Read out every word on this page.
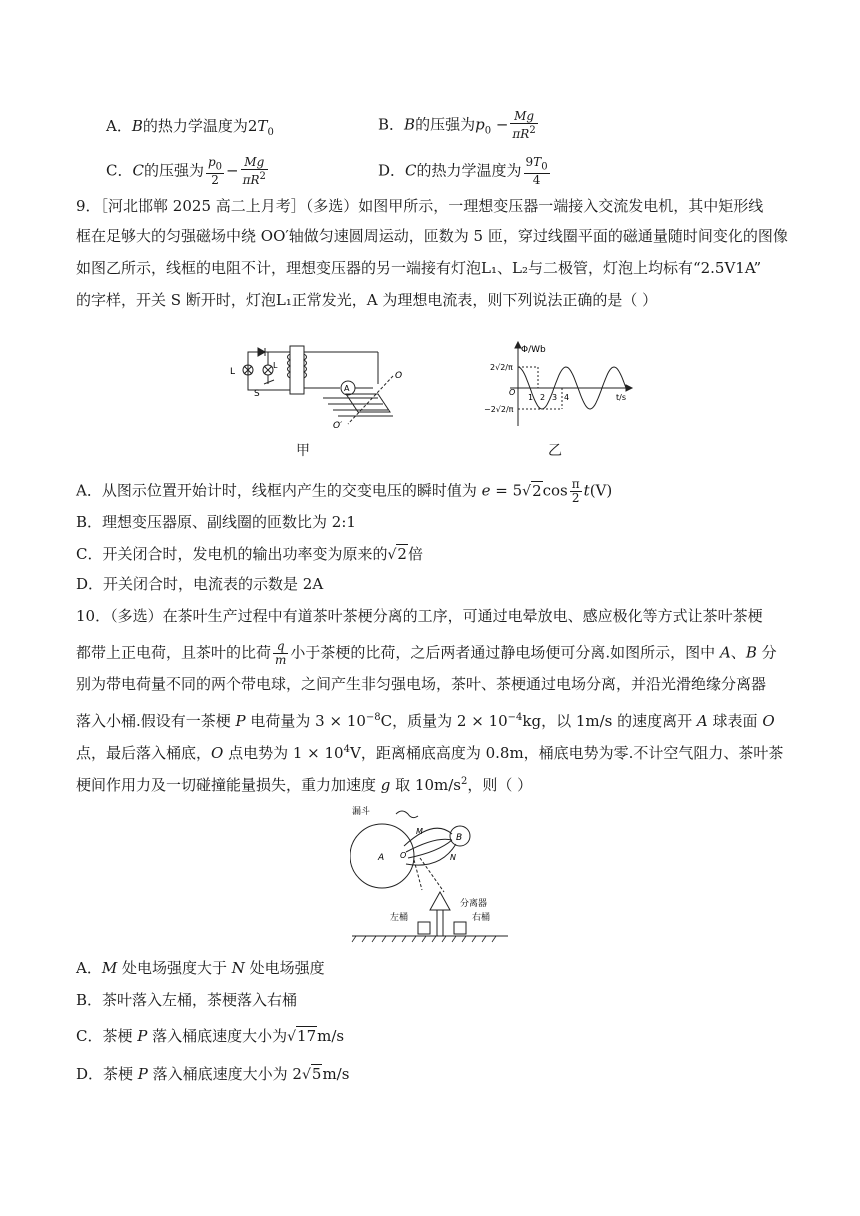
A．B的热力学温度为$2T_0$	B．B的压强为$p_0 - \frac{Mg}{\pi R^2}$
C．C的压强为 $\frac{p_0}{2} - \frac{Mg}{\pi R^2}$	D．C的热力学温度为 $\frac{9T_0}{4}$
9．［河北邯郸 2025 高二上月考］（多选）如图甲所示，一理想变压器一端接入交流发电机，其中矩形线
框在足够大的匀强磁场中绕 OO′轴做匀速圆周运动，匝数为 5 匝，穿过线圈平面的磁通量随时间变化的图像
如图乙所示，线框的电阻不计，理想变压器的另一端接有灯泡L₁、L₂与二极管，灯泡上均标有“2.5V1A”
的字样，开关 S 断开时，灯泡L₁正常发光，A 为理想电流表，则下列说法正确的是（ ）
L
L
S
A
O
O′
甲
Φ/Wb
t/s
2√2/π
−2√2/π
O
1 2 3 4
乙
A．从图示位置开始计时，线框内产生的交变电压的瞬时值为 $e = 5√2\cos \frac{\pi}{2} t(V)$
B．理想变压器原、副线圈的匝数比为 2:1
C．开关闭合时，发电机的输出功率变为原来的√2倍
D．开关闭合时，电流表的示数是 2A
10．（多选）在茶叶生产过程中有道茶叶茶梗分离的工序，可通过电晕放电、感应极化等方式让茶叶茶梗
都带上正电荷，且茶叶的比荷 $\frac{q}{m}$ 小于茶梗的比荷，之后两者通过静电场便可分离.如图所示，图中 A、B 分
别为带电荷量不同的两个带电球，之间产生非匀强电场，茶叶、茶梗通过电场分离，并沿光滑绝缘分离器
落入小桶.假设有一茶梗 P 电荷量为 $3 \times 10^{-8}C$，质量为 $2 \times 10^{-4}kg$，以 1m/s 的速度离开 A 球表面 O
点，最后落入桶底，O 点电势为 $1 \times 10^4V$，距离桶底高度为 0.8m，桶底电势为零.不计空气阻力、茶叶茶
梗间作用力及一切碰撞能量损失，重力加速度 g 取 $10m/s^2$，则（ ）
漏斗
B
A
M
N
O
分离器
左桶	右桶
A．M 处电场强度大于 N 处电场强度
B．茶叶落入左桶，茶梗落入右桶
C．茶梗 P 落入桶底速度大小为√17m/s
D．茶梗 P 落入桶底速度大小为 2√5m/s
